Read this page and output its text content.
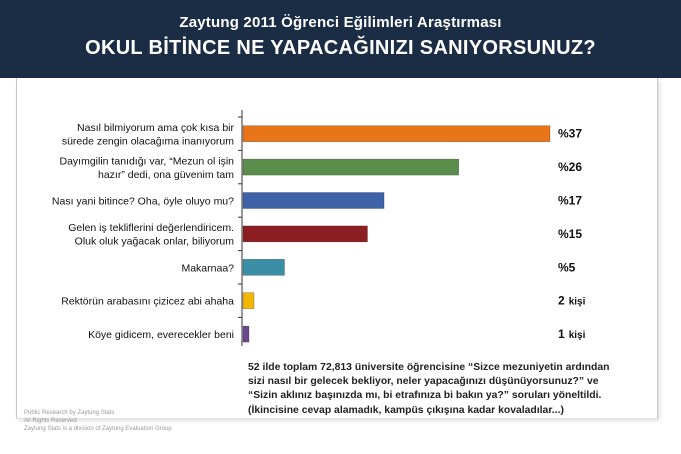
Zaytung 2011 Öğrenci Eğilimleri Araştırması
OKUL BİTİNCE NE YAPACAĞINIZI SANIYORSUNUZ?
Nasıl bilmiyorum ama çok kısa bir sürede zengin olacağıma inanıyorum
%37
Dayımgilin tanıdığı var, “Mezun ol işin hazır” dedi, ona güvenim tam
%26
Nası yani bitince? Oha, öyle oluyo mu?	%17
Gelen iş tekliflerini değerlendiricem. Oluk oluk yağacak onlar, biliyorum
%15
Makarnaa?	%5
Rektörün arabasını çizicez abi ahaha	2 kişi
Köye gidicem, everecekler beni	1 kişi
52 ilde toplam 72,813 üniversite öğrencisine “Sizce mezuniyetin ardından
sizi nasıl bir gelecek bekliyor, neler yapacağınızı düşünüyorsunuz?” ve
“Sizin aklınız başınızda mı, bi etrafınıza bi bakın ya?” soruları yöneltildi.
(İkincisine cevap alamadık, kampüs çıkışına kadar kovaladılar...)
Public Research by Zaytung Stats
All Rights Reserved
Zaytung Stats is a division of Zaytung Evaluation Group
